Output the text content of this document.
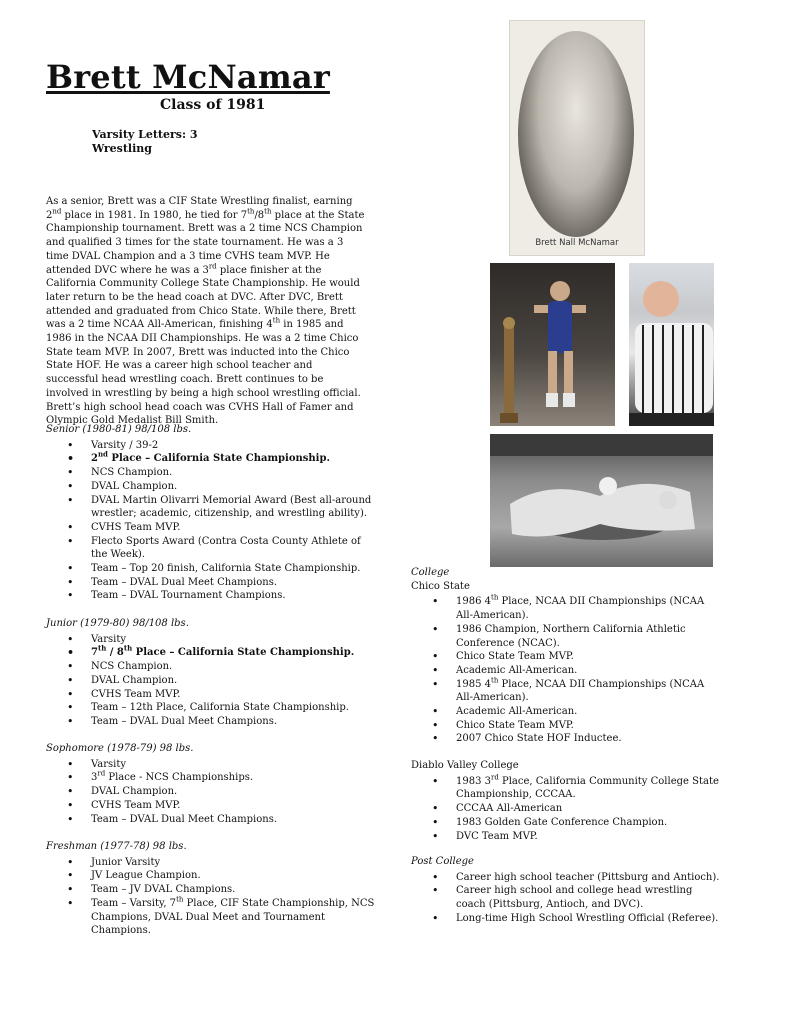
Brett McNamar
Class of 1981
Varsity Letters: 3
Wrestling
As a senior, Brett was a CIF State Wrestling finalist, earning 2nd place in 1981. In 1980, he tied for 7th/8th place at the State Championship tournament. Brett was a 2 time NCS Champion and qualified 3 times for the state tournament. He was a 3 time DVAL Champion and a 3 time CVHS team MVP. He attended DVC where he was a 3rd place finisher at the California Community College State Championship. He would later return to be the head coach at DVC. After DVC, Brett attended and graduated from Chico State. While there, Brett was a 2 time NCAA All-American, finishing 4th in 1985 and 1986 in the NCAA DII Championships. He was a 2 time Chico State team MVP. In 2007, Brett was inducted into the Chico State HOF. He was a career high school teacher and successful head wrestling coach. Brett continues to be involved in wrestling by being a high school wrestling official. Brett’s high school head coach was CVHS Hall of Famer and Olympic Gold Medalist Bill Smith.
Senior (1980-81) 98/108 lbs.
• Varsity / 39-2
• 2nd Place – California State Championship.
• NCS Champion.
• DVAL Champion.
• DVAL Martin Olivarri Memorial Award (Best all-around wrestler; academic, citizenship, and wrestling ability).
• CVHS Team MVP.
• Flecto Sports Award (Contra Costa County Athlete of the Week).
• Team – Top 20 finish, California State Championship.
• Team – DVAL Dual Meet Champions.
• Team – DVAL Tournament Champions.
Junior (1979-80) 98/108 lbs.
• Varsity
• 7th / 8th Place – California State Championship.
• NCS Champion.
• DVAL Champion.
• CVHS Team MVP.
• Team – 12th Place, California State Championship.
• Team – DVAL Dual Meet Champions.
Sophomore (1978-79) 98 lbs.
• Varsity
• 3rd Place - NCS Championships.
• DVAL Champion.
• CVHS Team MVP.
• Team – DVAL Dual Meet Champions.
Freshman (1977-78) 98 lbs.
• Junior Varsity
• JV League Champion.
• Team – JV DVAL Champions.
• Team – Varsity, 7th Place, CIF State Championship, NCS Champions, DVAL Dual Meet and Tournament Champions.
Brett Nall McNamar
College
Chico State
• 1986 4th Place, NCAA DII Championships (NCAA All-American).
• 1986 Champion, Northern California Athletic Conference (NCAC).
• Chico State Team MVP.
• Academic All-American.
• 1985 4th Place, NCAA DII Championships (NCAA All-American).
• Academic All-American.
• Chico State Team MVP.
• 2007 Chico State HOF Inductee.
Diablo Valley College
• 1983 3rd Place, California Community College State Championship, CCCAA.
• CCCAA All-American
• 1983 Golden Gate Conference Champion.
• DVC Team MVP.
Post College
• Career high school teacher (Pittsburg and Antioch).
• Career high school and college head wrestling coach (Pittsburg, Antioch, and DVC).
• Long-time High School Wrestling Official (Referee).
